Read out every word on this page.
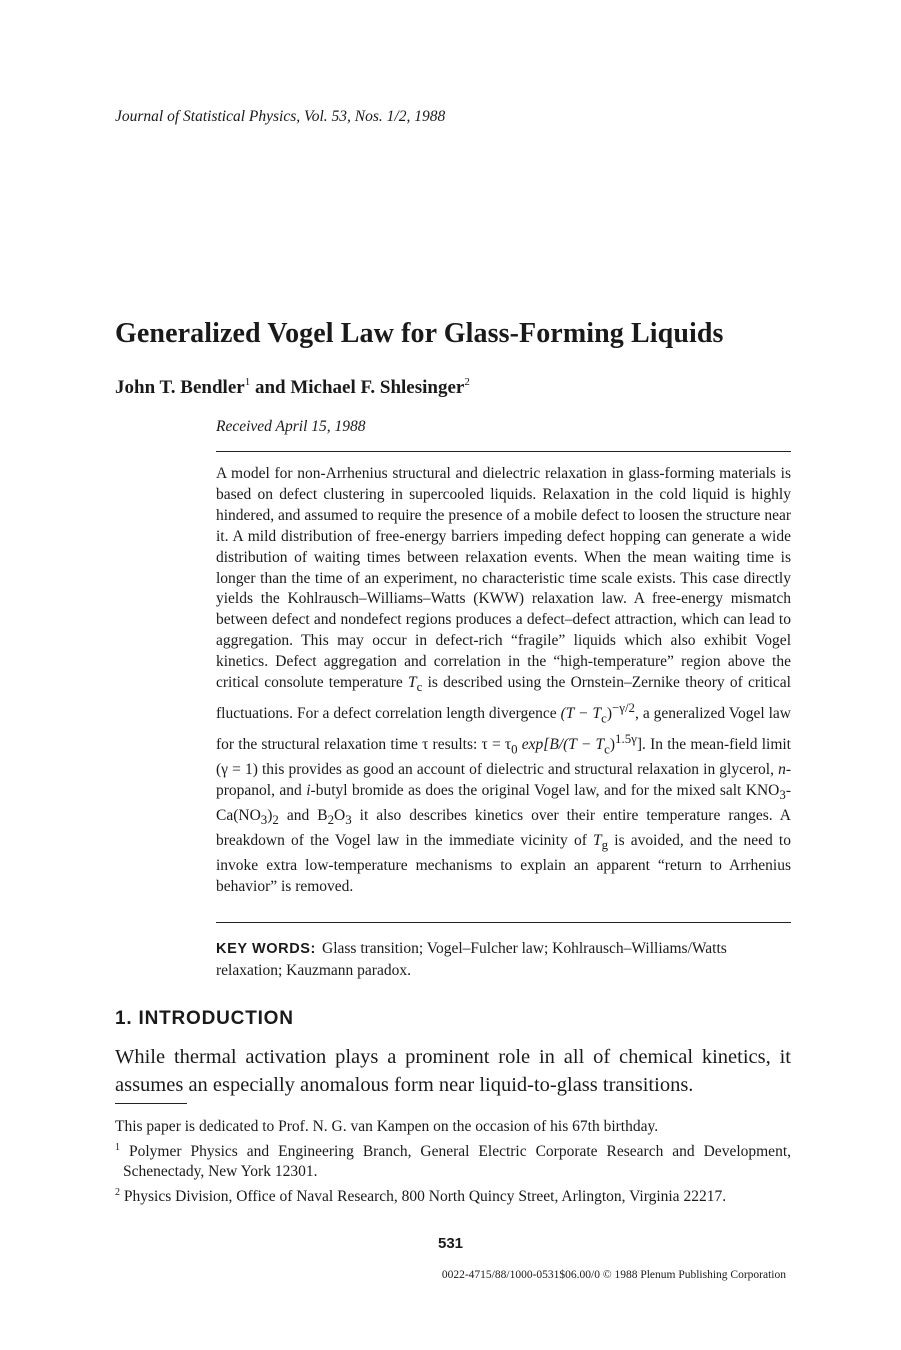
Journal of Statistical Physics, Vol. 53, Nos. 1/2, 1988
Generalized Vogel Law for Glass-Forming Liquids
John T. Bendler$^1$ and Michael F. Shlesinger$^2$
Received April 15, 1988

A model for non-Arrhenius structural and dielectric relaxation in glass-forming materials is based on defect clustering in supercooled liquids. Relaxation in the cold liquid is highly hindered, and assumed to require the presence of a mobile defect to loosen the structure near it. A mild distribution of free-energy barriers impeding defect hopping can generate a wide distribution of waiting times between relaxation events. When the mean waiting time is longer than the time of an experiment, no characteristic time scale exists. This case directly yields the Kohlrausch–Williams–Watts (KWW) relaxation law. A free-energy mismatch between defect and nondefect regions produces a defect–defect attraction, which can lead to aggregation. This may occur in defect-rich “fragile” liquids which also exhibit Vogel kinetics. Defect aggregation and correlation in the “high-temperature” region above the critical consolute temperature $T_c$ is described using the Ornstein–Zernike theory of critical fluctuations. For a defect correlation length divergence $(T - T_c)^{-\gamma/2}$, a generalized Vogel law for the structural relaxation time τ results: $\tau = \tau_0$ $\exp[B/(T - T_c)^{1.5\gamma}]$. In the mean-field limit (γ = 1) this provides as good an account of dielectric and structural relaxation in glycerol, n-propanol, and i-butyl bromide as does the original Vogel law, and for the mixed salt $KNO_3-Ca(NO_3)_2$ and $B_2O_3$ it also describes kinetics over their entire temperature ranges. A breakdown of the Vogel law in the immediate vicinity of $T_g$ is avoided, and the need to invoke extra low-temperature mechanisms to explain an apparent “return to Arrhenius behavior” is removed.

KEY WORDS: Glass transition; Vogel–Fulcher law; Kohlrausch–Williams/Watts relaxation; Kauzmann paradox.

1. INTRODUCTION

While thermal activation plays a prominent role in all of chemical kinetics, it assumes an especially anomalous form near liquid-to-glass transitions.

This paper is dedicated to Prof. N. G. van Kampen on the occasion of his 67th birthday.

$^1$ Polymer Physics and Engineering Branch, General Electric Corporate Research and Development, Schenectady, New York 12301.

$^2$ Physics Division, Office of Naval Research, 800 North Quincy Street, Arlington, Virginia 22217.

531
0022-4715/88/1000-0531$06.00/0 © 1988 Plenum Publishing Corporation
